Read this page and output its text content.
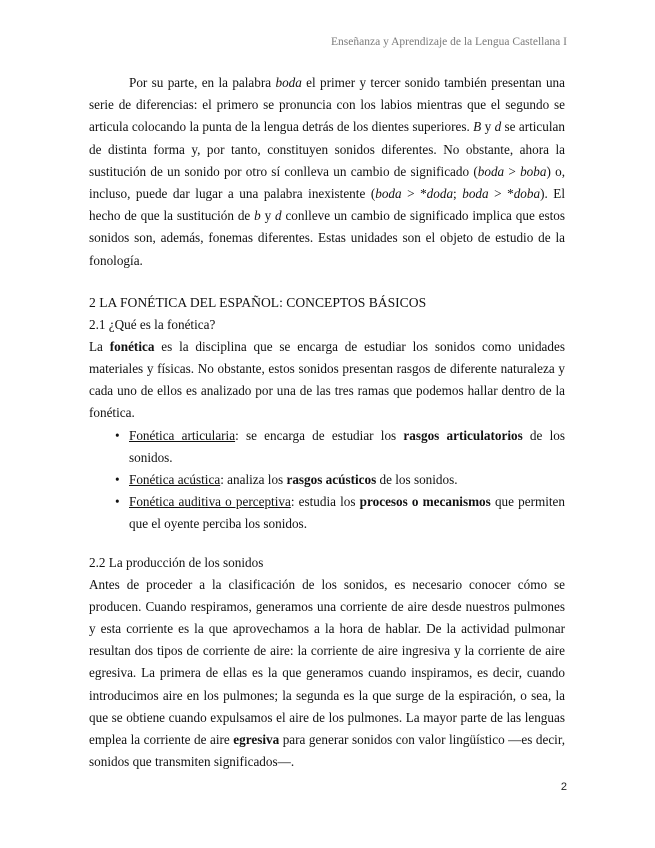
Enseñanza y Aprendizaje de la Lengua Castellana I

Por su parte, en la palabra boda el primer y tercer sonido también presentan una serie de diferencias: el primero se pronuncia con los labios mientras que el segundo se articula colocando la punta de la lengua detrás de los dientes superiores. B y d se articulan de distinta forma y, por tanto, constituyen sonidos diferentes. No obstante, ahora la sustitución de un sonido por otro sí conlleva un cambio de significado (boda > boba) o, incluso, puede dar lugar a una palabra inexistente (boda > *doda; boda > *doba). El hecho de que la sustitución de b y d conlleve un cambio de significado implica que estos sonidos son, además, fonemas diferentes. Estas unidades son el objeto de estudio de la fonología.

2 LA FONÉTICA DEL ESPAÑOL: CONCEPTOS BÁSICOS
2.1 ¿Qué es la fonética?

La fonética es la disciplina que se encarga de estudiar los sonidos como unidades materiales y físicas. No obstante, estos sonidos presentan rasgos de diferente naturaleza y cada uno de ellos es analizado por una de las tres ramas que podemos hallar dentro de la fonética.

• Fonética articularia: se encarga de estudiar los rasgos articulatorios de los sonidos.
• Fonética acústica: analiza los rasgos acústicos de los sonidos.
• Fonética auditiva o perceptiva: estudia los procesos o mecanismos que permiten que el oyente perciba los sonidos.
2.2 La producción de los sonidos

Antes de proceder a la clasificación de los sonidos, es necesario conocer cómo se producen. Cuando respiramos, generamos una corriente de aire desde nuestros pulmones y esta corriente es la que aprovechamos a la hora de hablar. De la actividad pulmonar resultan dos tipos de corriente de aire: la corriente de aire ingresiva y la corriente de aire egresiva. La primera de ellas es la que generamos cuando inspiramos, es decir, cuando introducimos aire en los pulmones; la segunda es la que surge de la espiración, o sea, la que se obtiene cuando expulsamos el aire de los pulmones. La mayor parte de las lenguas emplea la corriente de aire egresiva para generar sonidos con valor lingüístico —es decir, sonidos que transmiten significados—.

2
